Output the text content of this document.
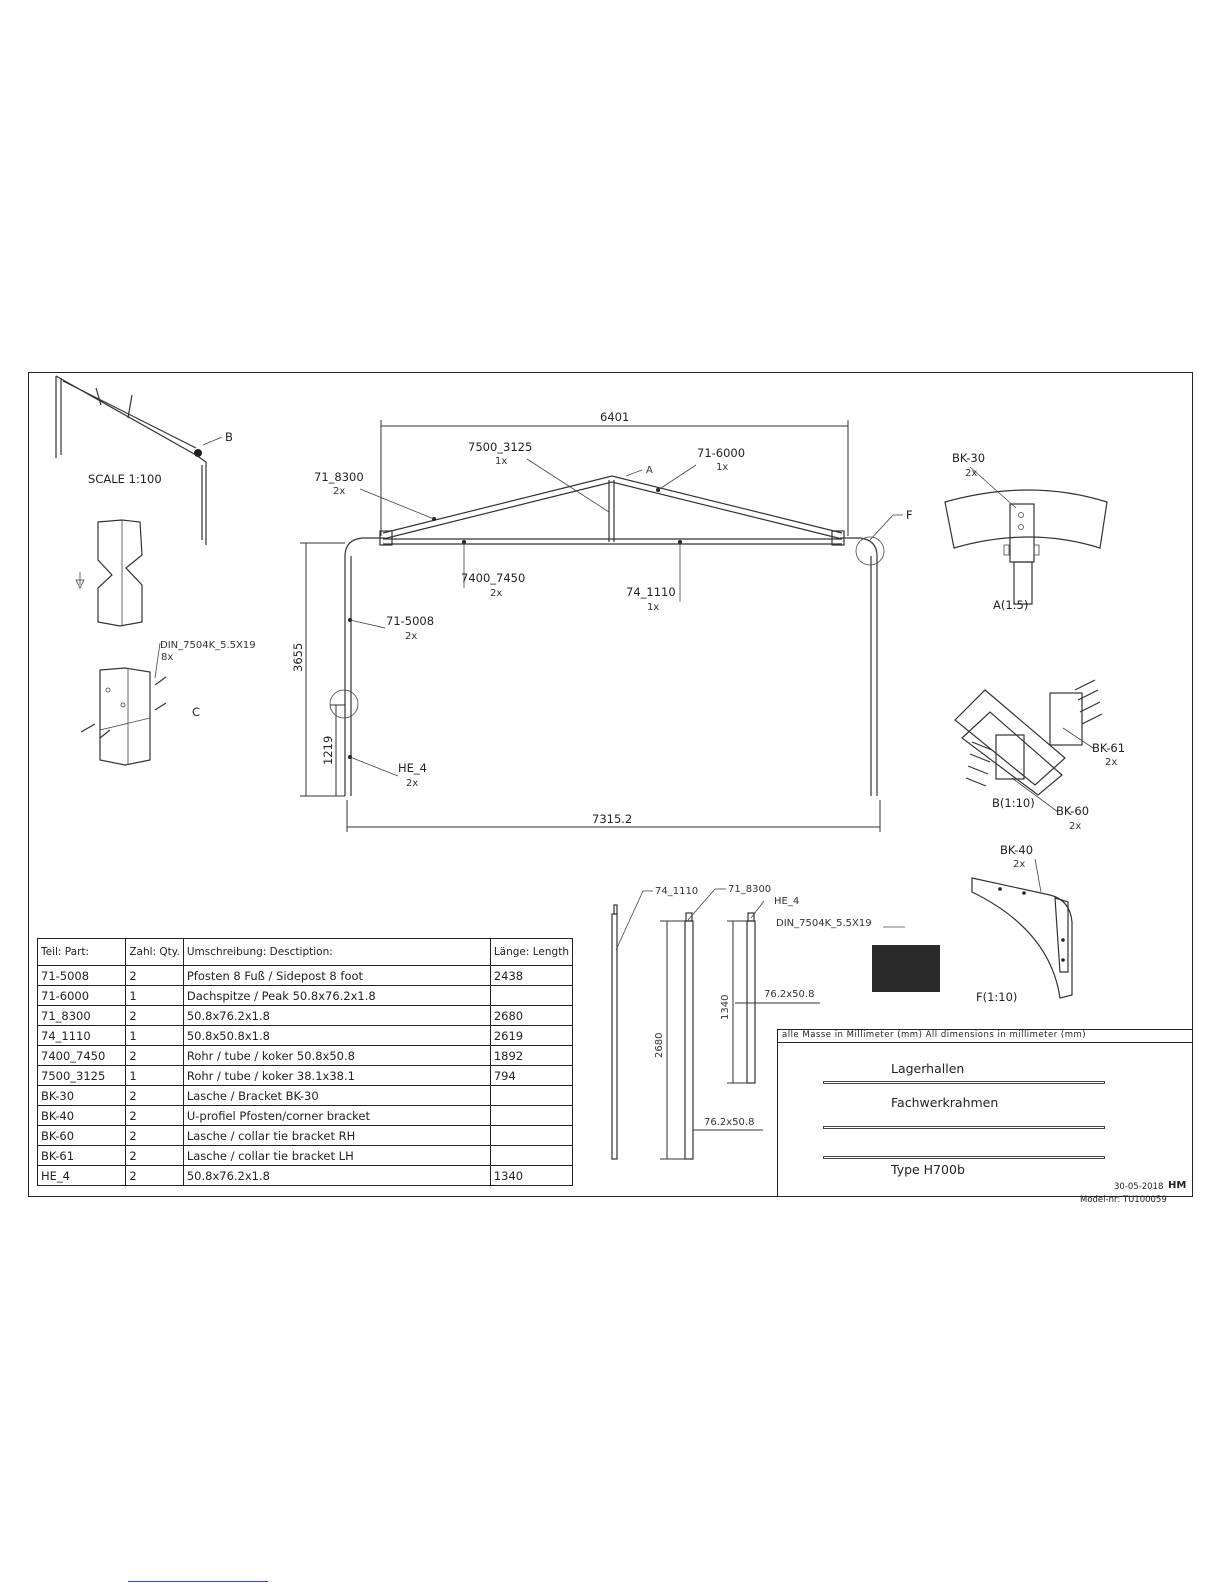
B
SCALE 1:100
C
DIN_7504K_5.5X19
8x
F
6401
7315.2
3655
1219
71_8300
2x
7500_3125
1x
71-6000
1x
7400_7450
2x	74_1110
1x
71-5008
2x
HE_4
2x
A
BK-30
2x
A(1:5)
BK-61
2x
B(1:10)
BK-60
2x
BK-40
2x
F(1:10)
74_1110	71_8300
HE_4
DIN_7504K_5.5X19
2680
1340
76.2x50.8
76.2x50.8
Teil: Part:	Zahl: Qty.	Umschreibung: Desctiption:	Länge: Length
71-5008	2	Pfosten 8 Fuß / Sidepost 8 foot	2438
71-6000	1	Dachspitze / Peak 50.8x76.2x1.8	
71_8300	2	50.8x76.2x1.8	2680
74_1110	1	50.8x50.8x1.8	2619
7400_7450	2	Rohr / tube / koker 50.8x50.8	1892
7500_3125	1	Rohr / tube / koker 38.1x38.1	794
BK-30	2	Lasche / Bracket BK-30	
BK-40	2	U-profiel Pfosten/corner bracket	
BK-60	2	Lasche / collar tie bracket RH	
BK-61	2	Lasche / collar tie bracket LH	
HE_4	2	50.8x76.2x1.8	1340
alle Masse in Millimeter (mm) All dimensions in millimeter (mm)
Lagerhallen
Fachwerkrahmen
Type H700b
30-05-2018 HM
Model-nr: TU100059
